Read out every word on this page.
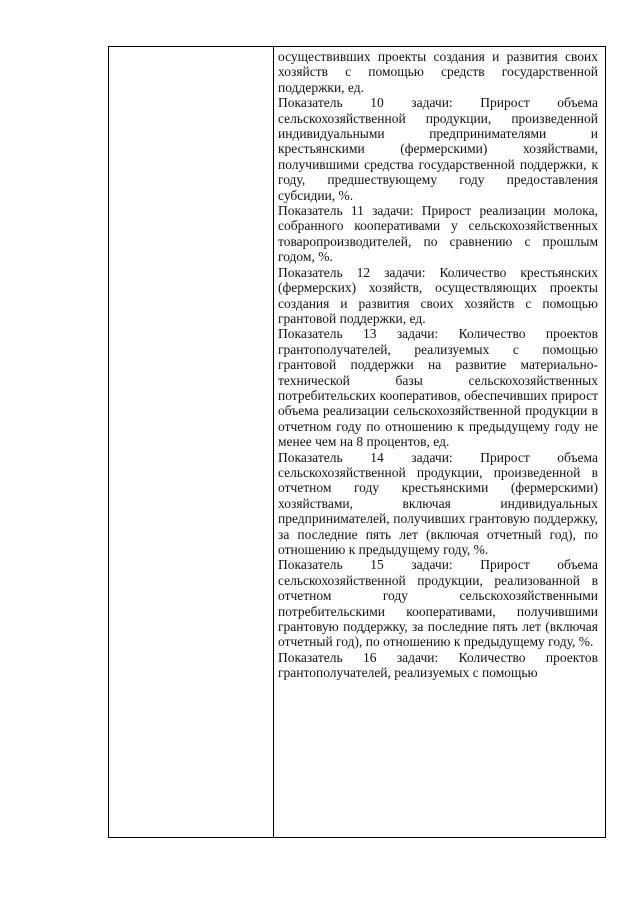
осуществивших проекты создания и развития своих хозяйств с помощью средств государственной поддержки, ед.

Показатель 10 задачи: Прирост объема сельскохозяйственной продукции, произведенной индивидуальными предпринимателями и крестьянскими (фермерскими) хозяйствами, получившими средства государственной поддержки, к году, предшествующему году предоставления субсидии, %.

Показатель 11 задачи: Прирост реализации молока, собранного кооперативами у сельскохозяйственных товаропроизводителей, по сравнению с прошлым годом, %.

Показатель 12 задачи: Количество крестьянских (фермерских) хозяйств, осуществляющих проекты создания и развития своих хозяйств с помощью грантовой поддержки, ед.

Показатель 13 задачи: Количество проектов грантополучателей, реализуемых с помощью грантовой поддержки на развитие материально-технической базы сельскохозяйственных потребительских кооперативов, обеспечивших прирост объема реализации сельскохозяйственной продукции в отчетном году по отношению к предыдущему году не менее чем на 8 процентов, ед.

Показатель 14 задачи: Прирост объема сельскохозяйственной продукции, произведенной в отчетном году крестьянскими (фермерскими) хозяйствами, включая индивидуальных предпринимателей, получивших грантовую поддержку, за последние пять лет (включая отчетный год), по отношению к предыдущему году, %.

Показатель 15 задачи: Прирост объема сельскохозяйственной продукции, реализованной в отчетном году сельскохозяйственными потребительскими кооперативами, получившими грантовую поддержку, за последние пять лет (включая отчетный год), по отношению к предыдущему году, %.

Показатель 16 задачи: Количество проектов грантополучателей, реализуемых с помощью
